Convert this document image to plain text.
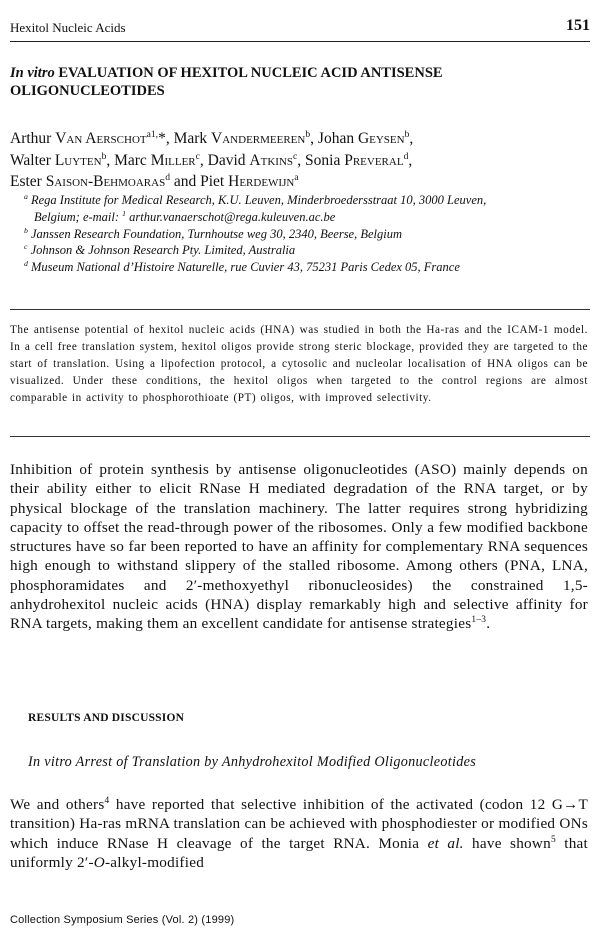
Hexitol Nucleic Acids	151
In vitro EVALUATION OF HEXITOL NUCLEIC ACID ANTISENSE OLIGONUCLEOTIDES
Arthur Van Aerschot$^{a1,}$*, Mark Vandermeeren$^b$, Johan Geysen$^b$,
Walter Luyten$^b$, Marc Miller$^c$, David Atkins$^c$, Sonia Preveral$^d$,
Ester Saison-Behmoaras$^d$ and Piet Herdewijn$^a$
$^a$ Rega Institute for Medical Research, K.U. Leuven, Minderbroedersstraat 10, 3000 Leuven,
Belgium; e-mail: $^1$ arthur.vanaerschot@rega.kuleuven.ac.be
$^b$ Janssen Research Foundation, Turnhoutse weg 30, 2340, Beerse, Belgium
$^c$ Johnson & Johnson Research Pty. Limited, Australia
$^d$ Museum National d’Histoire Naturelle, rue Cuvier 43, 75231 Paris Cedex 05, France
The antisense potential of hexitol nucleic acids (HNA) was studied in both the Ha-ras and the ICAM-1 model. In a cell free translation system, hexitol oligos provide strong steric blockage, provided they are targeted to the start of translation. Using a lipofection protocol, a cytosolic and nucleolar localisation of HNA oligos can be visualized. Under these conditions, the hexitol oligos when targeted to the control regions are almost comparable in activity to phosphorothioate (PT) oligos, with improved selectivity.
Inhibition of protein synthesis by antisense oligonucleotides (ASO) mainly depends on their ability either to elicit RNase H mediated degradation of the RNA target, or by physical blockage of the translation machinery. The latter requires strong hybridizing capacity to offset the read-through power of the ribosomes. Only a few modified backbone structures have so far been reported to have an affinity for complementary RNA sequences high enough to withstand slippery of the stalled ribosome. Among others (PNA, LNA, phosphoramidates and 2′-methoxyethyl ribonucleosides) the constrained 1,5-anhydrohexitol nucleic acids (HNA) display remarkably high and selective affinity for RNA targets, making them an excellent candidate for antisense strategies$^{1-3}$.
RESULTS AND DISCUSSION
In vitro Arrest of Translation by Anhydrohexitol Modified Oligonucleotides
We and others$^4$ have reported that selective inhibition of the activated (codon 12 G→T transition) Ha-ras mRNA translation can be achieved with phosphodiester or modified ONs which induce RNase H cleavage of the target RNA. Monia et al. have shown$^5$ that uniformly 2′-O-alkyl-modified
Collection Symposium Series (Vol. 2) (1999)
